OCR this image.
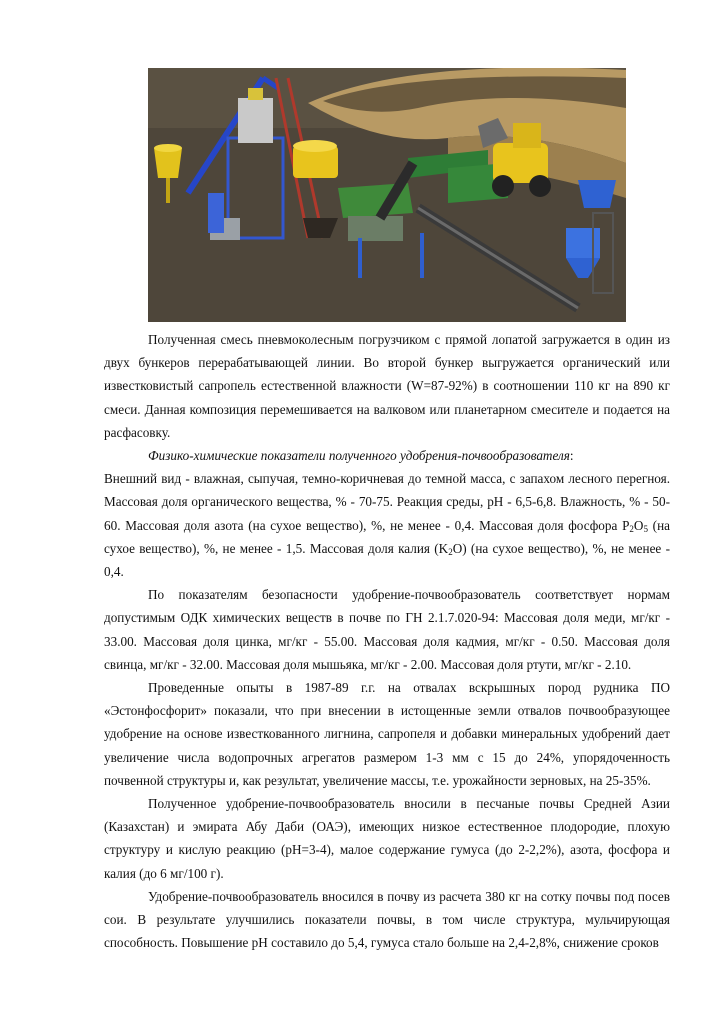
Полученная смесь пневмоколесным погрузчиком с прямой лопатой загружается в один из двух бункеров перерабатывающей линии. Во второй бункер выгружается органический или известковистый сапропель естественной влажности (W=87-92%) в соотношении 110 кг на 890 кг смеси. Данная композиция перемешивается на валковом или планетарном смесителе и подается на расфасовку.

Физико-химические показатели полученного удобрения-почвообразователя:

Внешний вид - влажная, сыпучая, темно-коричневая до темной масса, с запахом лесного перегноя. Массовая доля органического вещества, % - 70-75. Реакция среды, pH - 6,5-6,8. Влажность, % - 50-60. Массовая доля азота (на сухое вещество), %, не менее - 0,4. Массовая доля фосфора $P_2O_5$ (на сухое вещество), %, не менее - 1,5. Массовая доля калия $(K_2O)$ (на сухое вещество), %, не менее - 0,4.

По показателям безопасности удобрение-почвообразователь соответствует нормам допустимым ОДК химических веществ в почве по ГН 2.1.7.020-94: Массовая доля меди, мг/кг - 33.00. Массовая доля цинка, мг/кг - 55.00. Массовая доля кадмия, мг/кг - 0.50. Массовая доля свинца, мг/кг - 32.00. Массовая доля мышьяка, мг/кг - 2.00. Массовая доля ртути, мг/кг - 2.10.

Проведенные опыты в 1987-89 г.г. на отвалах вскрышных пород рудника ПО «Эстонфосфорит» показали, что при внесении в истощенные земли отвалов почвообразующее удобрение на основе известкованного лигнина, сапропеля и добавки минеральных удобрений дает увеличение числа водопрочных агрегатов размером 1-3 мм с 15 до 24%, упорядоченность почвенной структуры и, как результат, увеличение массы, т.е. урожайности зерновых, на 25-35%.

Полученное удобрение-почвообразователь вносили в песчаные почвы Средней Азии (Казахстан) и эмирата Абу Даби (ОАЭ), имеющих низкое естественное плодородие, плохую структуру и кислую реакцию (pH=3-4), малое содержание гумуса (до 2-2,2%), азота, фосфора и калия (до 6 мг/100 г).

Удобрение-почвообразователь вносился в почву из расчета 380 кг на сотку почвы под посев сои. В результате улучшились показатели почвы, в том числе структура, мульчирующая способность. Повышение pH составило до 5,4, гумуса стало больше на 2,4-2,8%, снижение сроков
